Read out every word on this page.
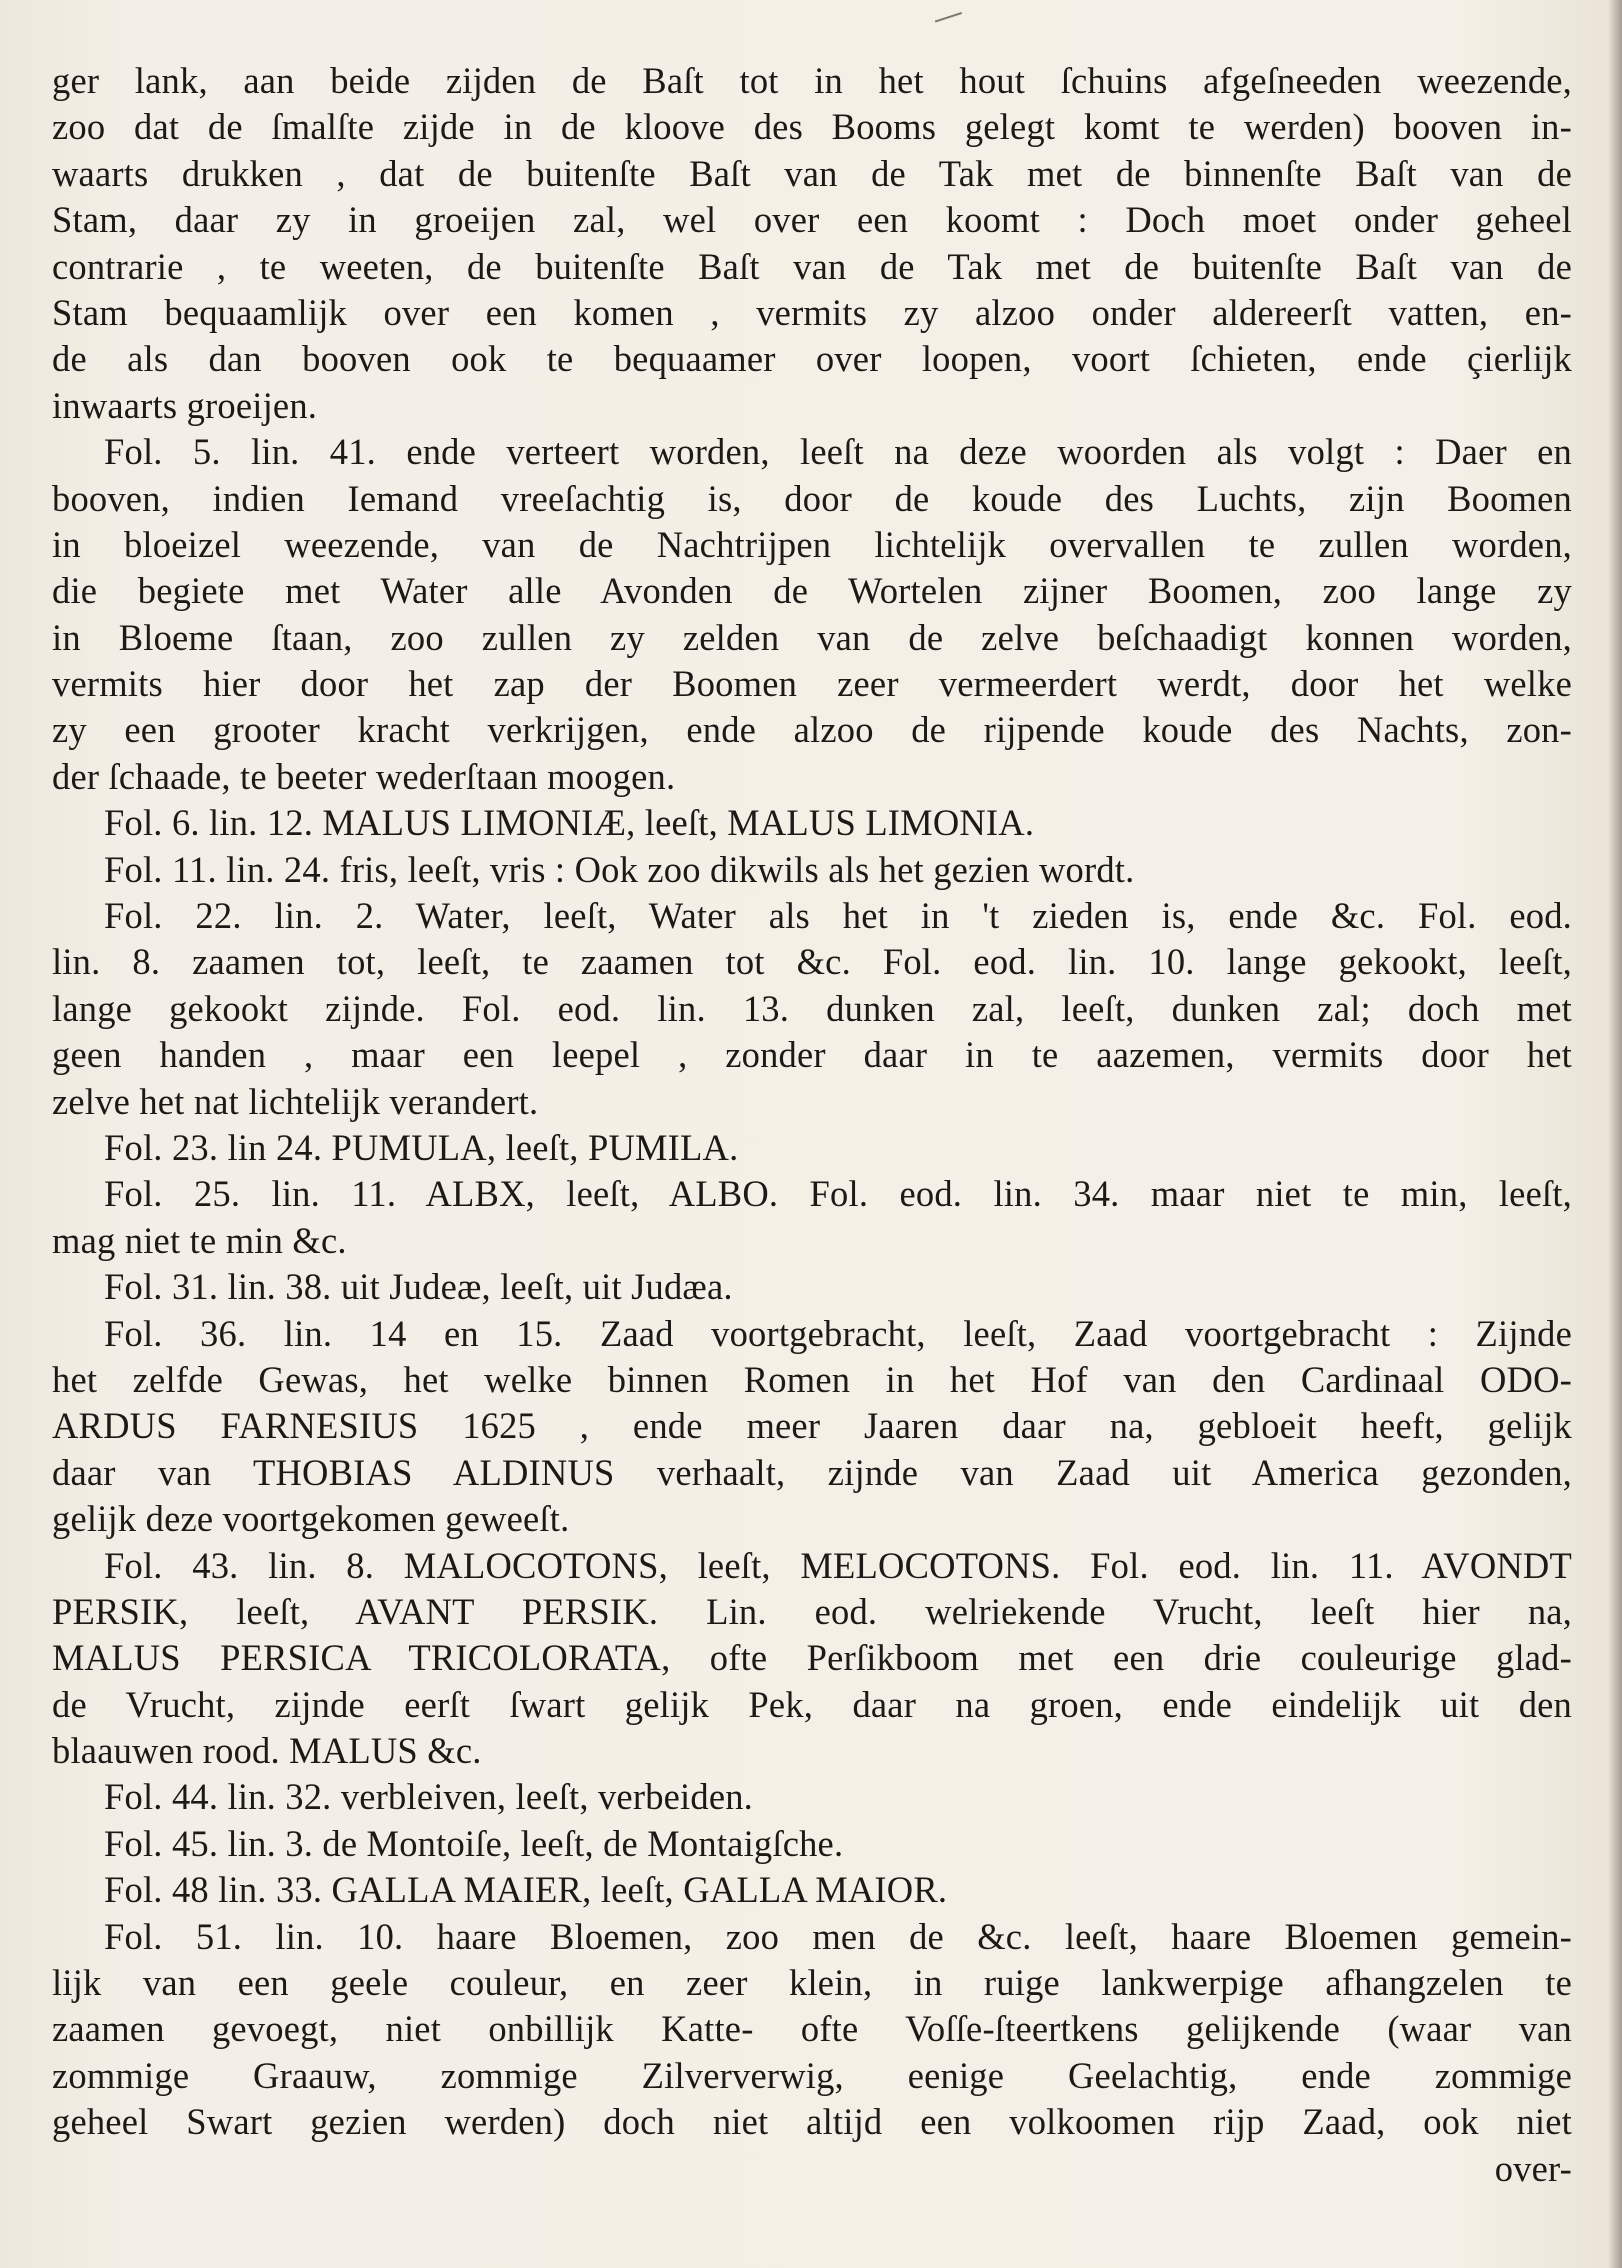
ger lank, aan beide zijden de Baſt tot in het hout ſchuins afgeſneeden weezende,
zoo dat de ſmalſte zijde in de kloove des Booms gelegt komt te werden) booven in-
waarts drukken , dat de buitenſte Baſt van de Tak met de binnenſte Baſt van de
Stam, daar zy in groeijen zal, wel over een koomt : Doch moet onder geheel
contrarie , te weeten, de buitenſte Baſt van de Tak met de buitenſte Baſt van de
Stam bequaamlijk over een komen , vermits zy alzoo onder aldereerſt vatten, en-
de als dan booven ook te bequaamer over loopen, voort ſchieten, ende çierlijk
inwaarts groeijen.
Fol. 5. lin. 41. ende verteert worden, leeſt na deze woorden als volgt : Daer en
booven, indien Iemand vreeſachtig is, door de koude des Luchts, zijn Boomen
in bloeizel weezende, van de Nachtrijpen lichtelijk overvallen te zullen worden,
die begiete met Water alle Avonden de Wortelen zijner Boomen, zoo lange zy
in Bloeme ſtaan, zoo zullen zy zelden van de zelve beſchaadigt konnen worden,
vermits hier door het zap der Boomen zeer vermeerdert werdt, door het welke
zy een grooter kracht verkrijgen, ende alzoo de rijpende koude des Nachts, zon-
der ſchaade, te beeter wederſtaan moogen.
Fol. 6. lin. 12. MALUS LIMONIÆ, leeſt, MALUS LIMONIA.
Fol. 11. lin. 24. fris, leeſt, vris : Ook zoo dikwils als het gezien wordt.
Fol. 22. lin. 2. Water, leeſt, Water als het in 't zieden is, ende &c. Fol. eod.
lin. 8. zaamen tot, leeſt, te zaamen tot &c. Fol. eod. lin. 10. lange gekookt, leeſt,
lange gekookt zijnde. Fol. eod. lin. 13. dunken zal, leeſt, dunken zal; doch met
geen handen , maar een leepel , zonder daar in te aazemen, vermits door het
zelve het nat lichtelijk verandert.
Fol. 23. lin 24. PUMULA, leeſt, PUMILA.
Fol. 25. lin. 11. ALBX, leeſt, ALBO. Fol. eod. lin. 34. maar niet te min, leeſt,
mag niet te min &c.
Fol. 31. lin. 38. uit Judeæ, leeſt, uit Judæa.
Fol. 36. lin. 14 en 15. Zaad voortgebracht, leeſt, Zaad voortgebracht : Zijnde
het zelfde Gewas, het welke binnen Romen in het Hof van den Cardinaal ODO-
ARDUS FARNESIUS 1625 , ende meer Jaaren daar na, gebloeit heeft, gelijk
daar van THOBIAS ALDINUS verhaalt, zijnde van Zaad uit America gezonden,
gelijk deze voortgekomen geweeſt.
Fol. 43. lin. 8. MALOCOTONS, leeſt, MELOCOTONS. Fol. eod. lin. 11. AVONDT
PERSIK, leeſt, AVANT PERSIK. Lin. eod. welriekende Vrucht, leeſt hier na,
MALUS PERSICA TRICOLORATA, ofte Perſikboom met een drie couleurige glad-
de Vrucht, zijnde eerſt ſwart gelijk Pek, daar na groen, ende eindelijk uit den
blaauwen rood. MALUS &c.
Fol. 44. lin. 32. verbleiven, leeſt, verbeiden.
Fol. 45. lin. 3. de Montoiſe, leeſt, de Montaigſche.
Fol. 48 lin. 33. GALLA MAIER, leeſt, GALLA MAIOR.
Fol. 51. lin. 10. haare Bloemen, zoo men de &c. leeſt, haare Bloemen gemein-
lijk van een geele couleur, en zeer klein, in ruige lankwerpige afhangzelen te
zaamen gevoegt, niet onbillijk Katte- ofte Voſſe-ſteertkens gelijkende (waar van
zommige Graauw, zommige Zilververwig, eenige Geelachtig, ende zommige
geheel Swart gezien werden) doch niet altijd een volkoomen rijp Zaad, ook niet
over-
